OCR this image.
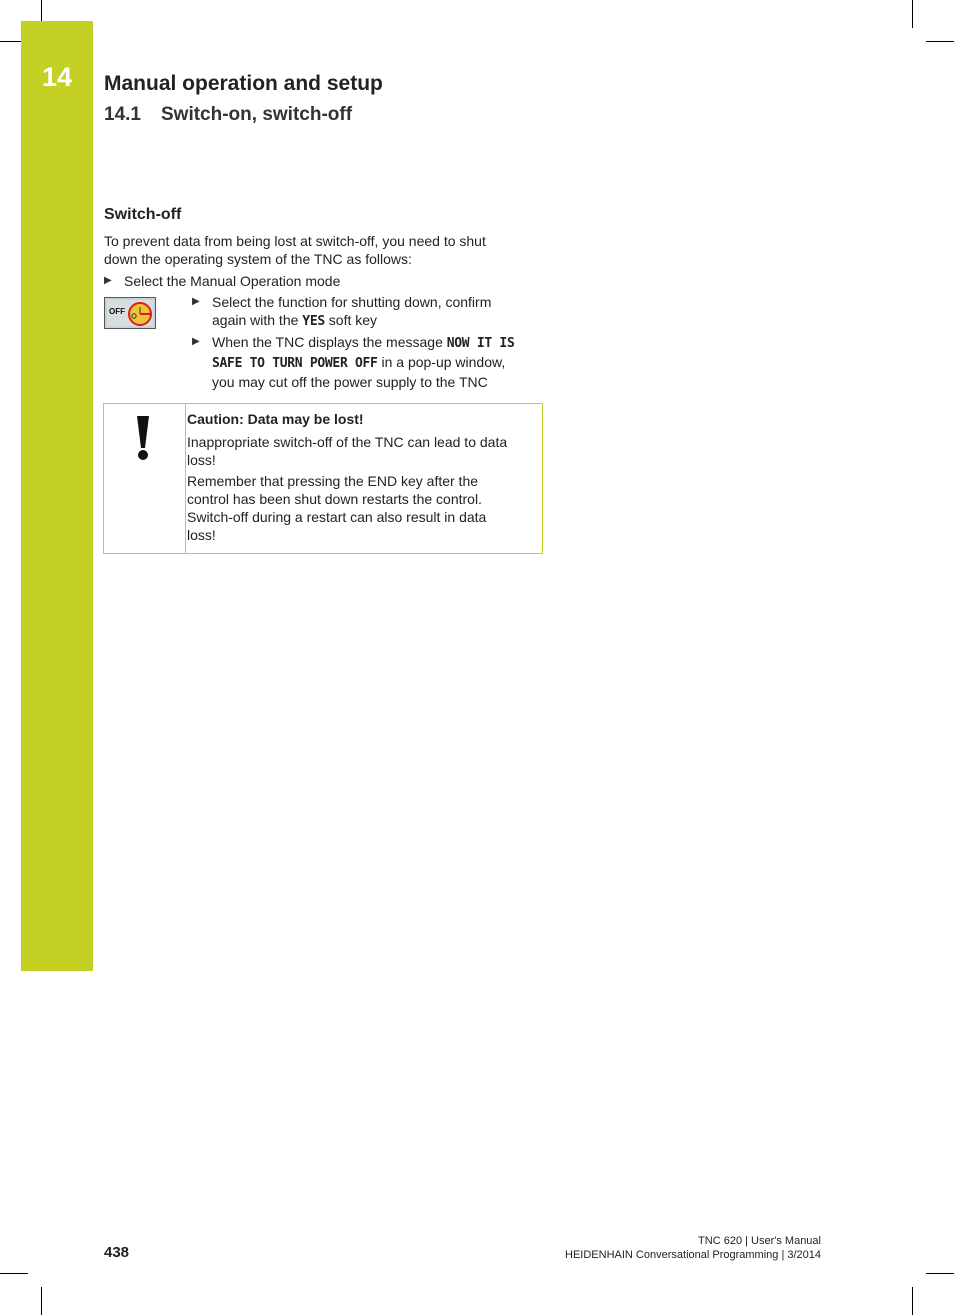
14	Manual operation and setup
14.1 Switch-on, switch-off
Switch-off
To prevent data from being lost at switch-off, you need to shut
down the operating system of the TNC as follows:
▶ Select the Manual Operation mode
OFF
▶ Select the function for shutting down, confirm
again with the YES soft key
▶ When the TNC displays the message NOW IT IS
SAFE TO TURN POWER OFF in a pop-up window,
you may cut off the power supply to the TNC
Caution: Data may be lost!
Inappropriate switch-off of the TNC can lead to data
loss!
Remember that pressing the END key after the
control has been shut down restarts the control.
Switch-off during a restart can also result in data
loss!
438
TNC 620 | User's Manual
HEIDENHAIN Conversational Programming | 3/2014
